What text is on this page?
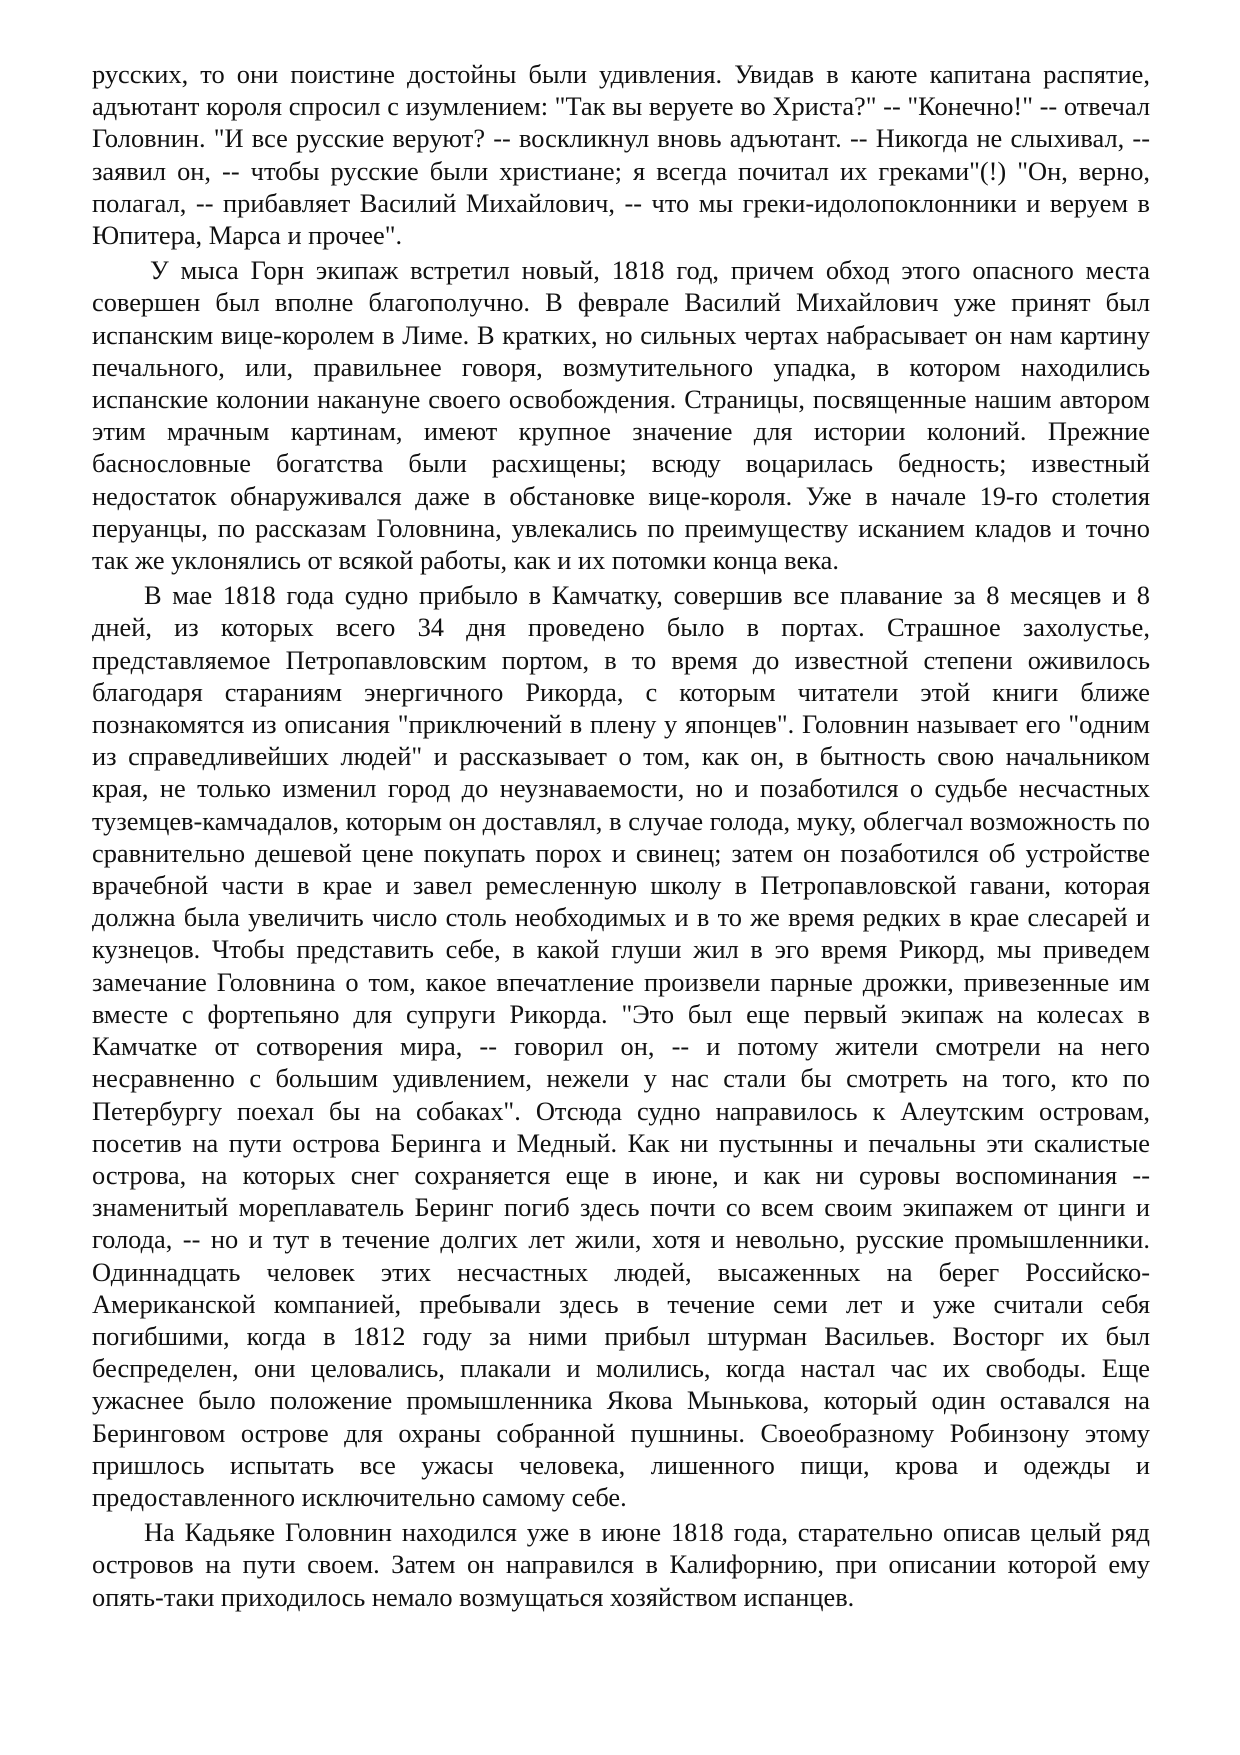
русских, то они поистине достойны были удивления. Увидав в каюте капитана распятие, адъютант короля спросил с изумлением: "Так вы веруете во Христа?" -- "Конечно!" -- отвечал Головнин. "И все русские веруют? -- воскликнул вновь адъютант. -- Никогда не слыхивал, -- заявил он, -- чтобы русские были христиане; я всегда почитал их греками"(!) "Он, верно, полагал, -- прибавляет Василий Михайлович, -- что мы греки-идолопоклонники и веруем в Юпитера, Марса и прочее".

У мыса Горн экипаж встретил новый, 1818 год, причем обход этого опасного места совершен был вполне благополучно. В феврале Василий Михайлович уже принят был испанским вице-королем в Лиме. В кратких, но сильных чертах набрасывает он нам картину печального, или, правильнее говоря, возмутительного упадка, в котором находились испанские колонии накануне своего освобождения. Страницы, посвященные нашим автором этим мрачным картинам, имеют крупное значение для истории колоний. Прежние баснословные богатства были расхищены; всюду воцарилась бедность; известный недостаток обнаруживался даже в обстановке вице-короля. Уже в начале 19-го столетия перуанцы, по рассказам Головнина, увлекались по преимуществу исканием кладов и точно так же уклонялись от всякой работы, как и их потомки конца века.

В мае 1818 года судно прибыло в Камчатку, совершив все плавание за 8 месяцев и 8 дней, из которых всего 34 дня проведено было в портах. Страшное захолустье, представляемое Петропавловским портом, в то время до известной степени оживилось благодаря стараниям энергичного Рикорда, с которым читатели этой книги ближе познакомятся из описания "приключений в плену у японцев". Головнин называет его "одним из справедливейших людей" и рассказывает о том, как он, в бытность свою начальником края, не только изменил город до неузнаваемости, но и позаботился о судьбе несчастных туземцев-камчадалов, которым он доставлял, в случае голода, муку, облегчал возможность по сравнительно дешевой цене покупать порох и свинец; затем он позаботился об устройстве врачебной части в крае и завел ремесленную школу в Петропавловской гавани, которая должна была увеличить число столь необходимых и в то же время редких в крае слесарей и кузнецов. Чтобы представить себе, в какой глуши жил в эго время Рикорд, мы приведем замечание Головнина о том, какое впечатление произвели парные дрожки, привезенные им вместе с фортепьяно для супруги Рикорда. "Это был еще первый экипаж на колесах в Камчатке от сотворения мира, -- говорил он, -- и потому жители смотрели на него несравненно с большим удивлением, нежели у нас стали бы смотреть на того, кто по Петербургу поехал бы на собаках". Отсюда судно направилось к Алеутским островам, посетив на пути острова Беринга и Медный. Как ни пустынны и печальны эти скалистые острова, на которых снег сохраняется еще в июне, и как ни суровы воспоминания -- знаменитый мореплаватель Беринг погиб здесь почти со всем своим экипажем от цинги и голода, -- но и тут в течение долгих лет жили, хотя и невольно, русские промышленники. Одиннадцать человек этих несчастных людей, высаженных на берег Российско-Американской компанией, пребывали здесь в течение семи лет и уже считали себя погибшими, когда в 1812 году за ними прибыл штурман Васильев. Восторг их был беспределен, они целовались, плакали и молились, когда настал час их свободы. Еще ужаснее было положение промышленника Якова Мынькова, который один оставался на Беринговом острове для охраны собранной пушнины. Своеобразному Робинзону этому пришлось испытать все ужасы человека, лишенного пищи, крова и одежды и предоставленного исключительно самому себе.

На Кадьяке Головнин находился уже в июне 1818 года, старательно описав целый ряд островов на пути своем. Затем он направился в Калифорнию, при описании которой ему опять-таки приходилось немало возмущаться хозяйством испанцев.
